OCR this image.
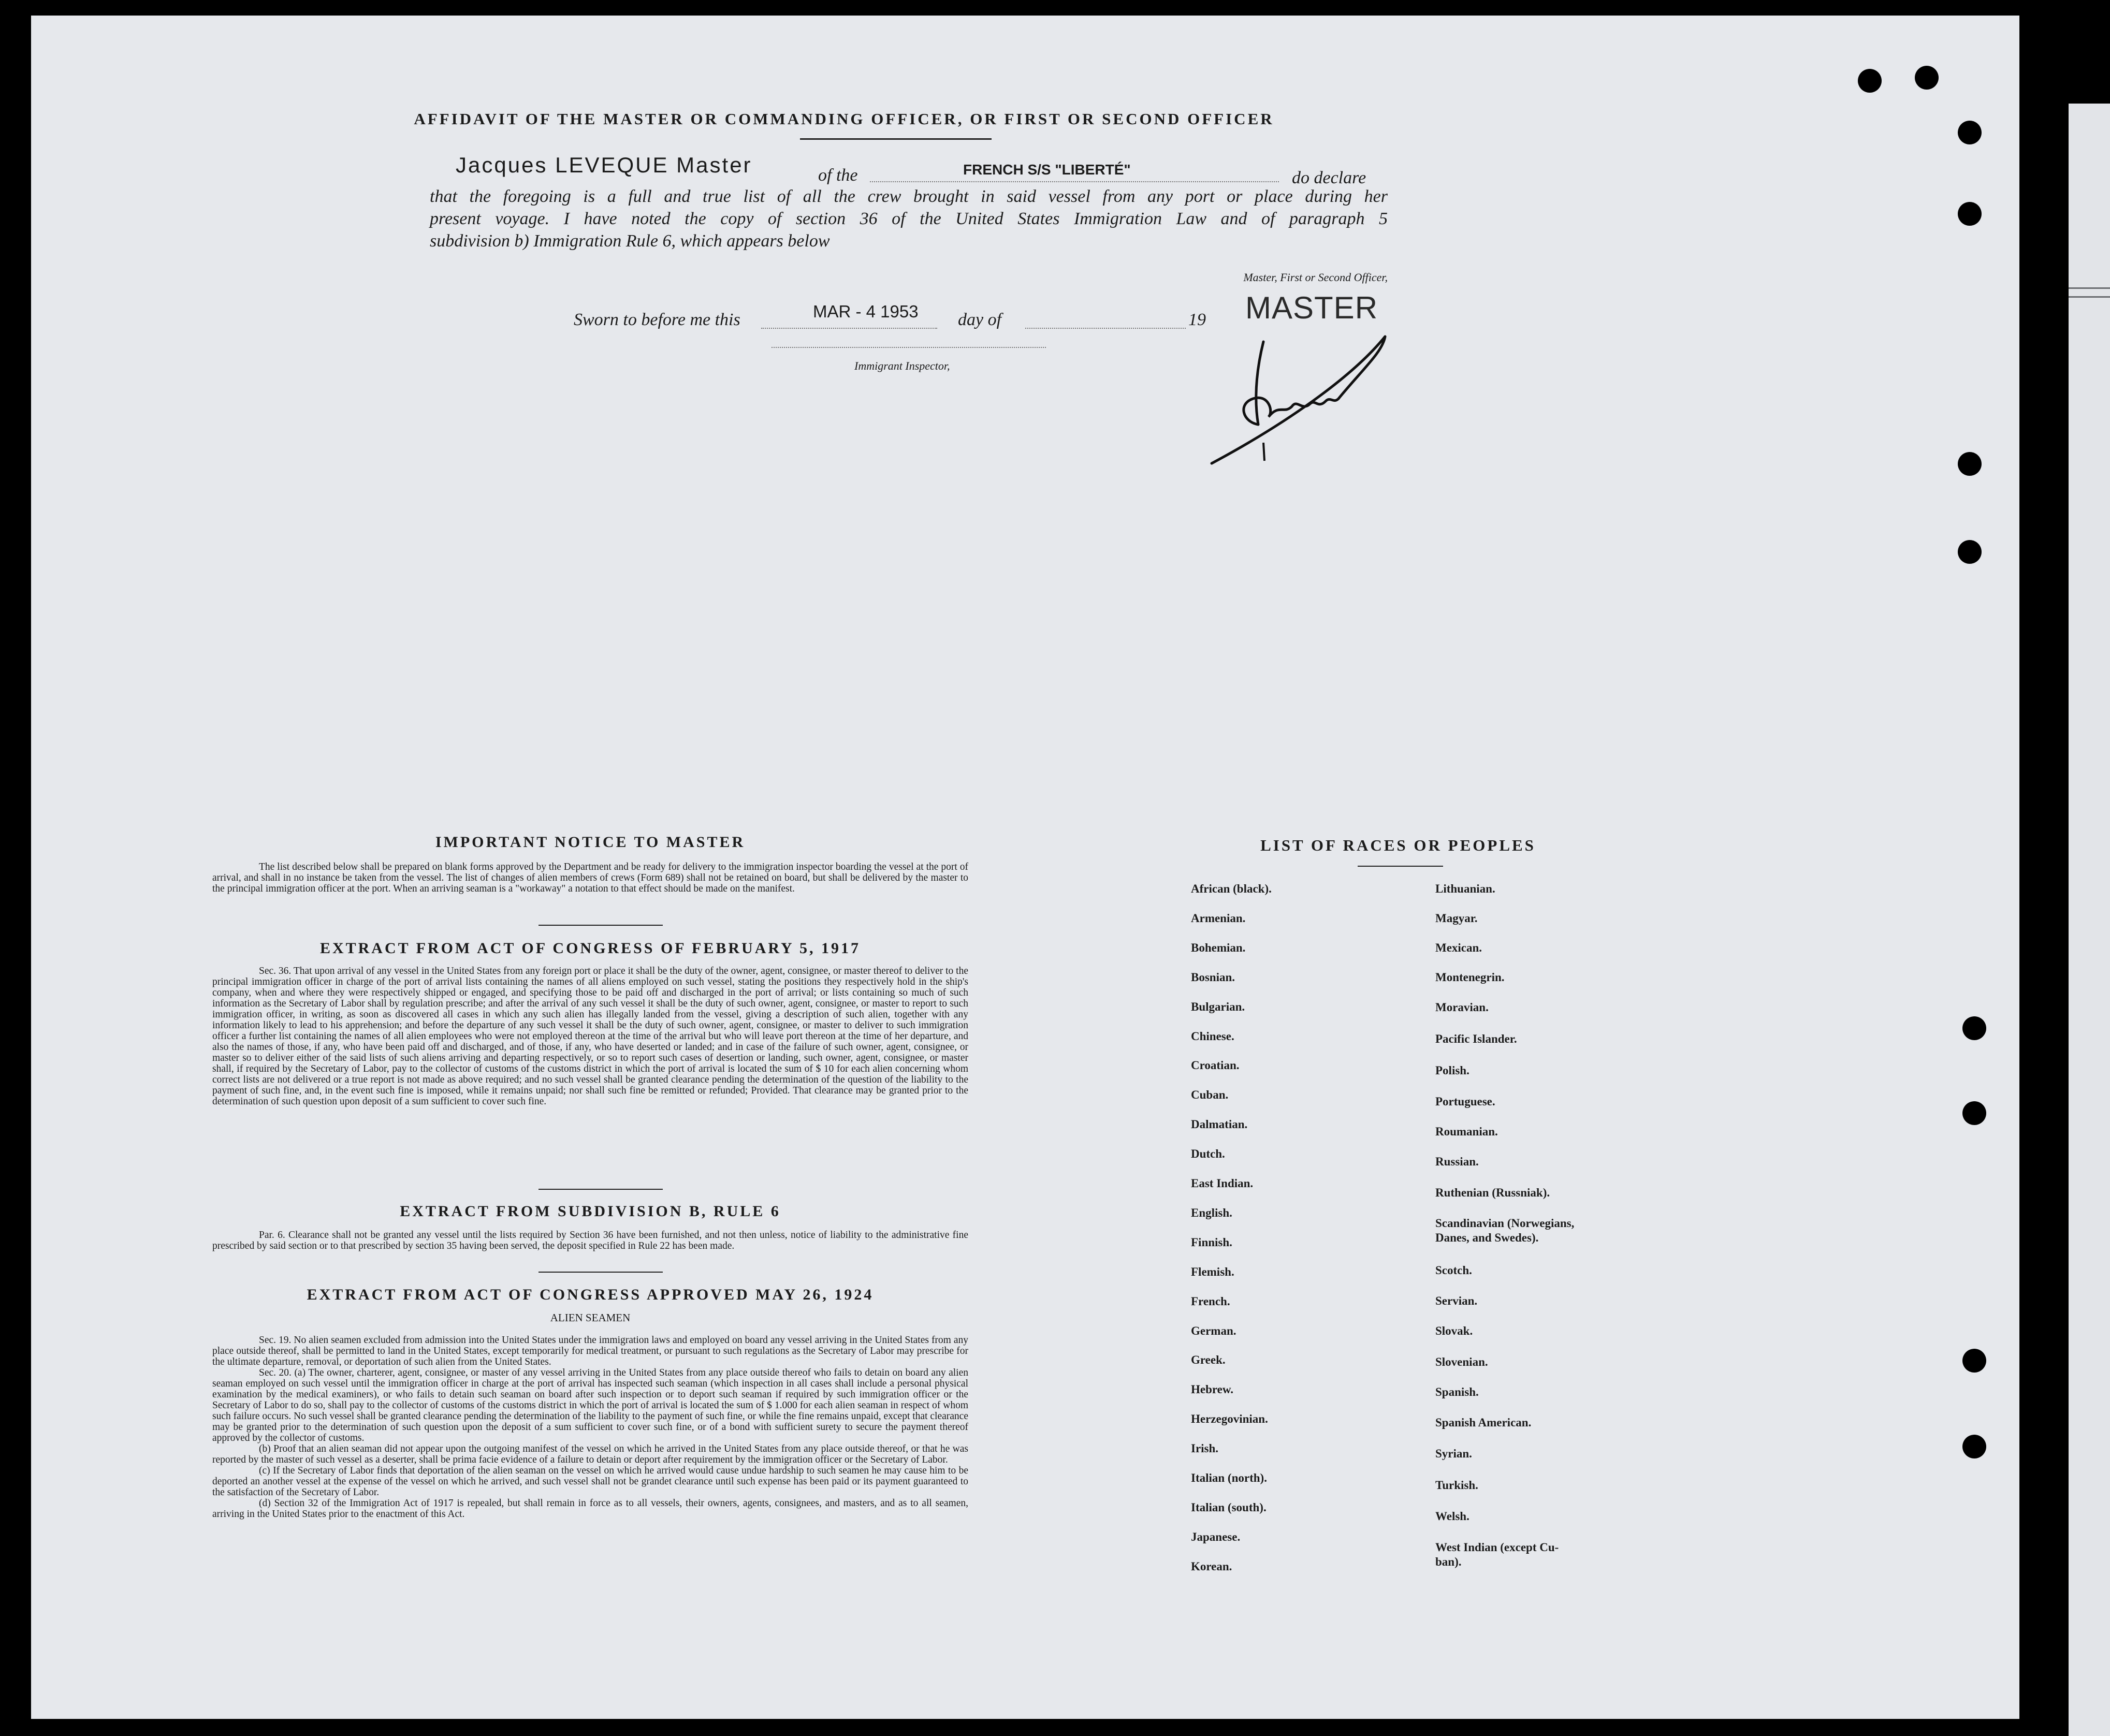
AFFIDAVIT OF THE MASTER OR COMMANDING OFFICER, OR FIRST OR SECOND OFFICER
Jacques LEVEQUE Master	of the	FRENCH S/S "LIBERTÉ"	do declare
that the foregoing is a full and true list of all the crew brought in said vessel from any port or place during her
present voyage. I have noted the copy of section 36 of the United States Immigration Law and of paragraph 5
subdivision b) Immigration Rule 6, which appears below
Master, First or Second Officer,
Sworn to before me this	MAR - 4 1953 day of	19 MASTER
Immigrant Inspector,
IMPORTANT NOTICE TO MASTER

The list described below shall be prepared on blank forms approved by the Department and be ready for delivery to the immigration inspector boarding the vessel at the port of arrival, and shall in no instance be taken from the vessel. The list of changes of alien members of crews (Form 689) shall not be retained on board, but shall be delivered by the master to the principal immigration officer at the port. When an arriving seaman is a "workaway" a notation to that effect should be made on the manifest.

EXTRACT FROM ACT OF CONGRESS OF FEBRUARY 5, 1917

Sec. 36. That upon arrival of any vessel in the United States from any foreign port or place it shall be the duty of the owner, agent, consignee, or master thereof to deliver to the principal immigration officer in charge of the port of arrival lists containing the names of all aliens employed on such vessel, stating the positions they respectively hold in the ship's company, when and where they were respectively shipped or engaged, and specifying those to be paid off and discharged in the port of arrival; or lists containing so much of such information as the Secretary of Labor shall by regulation prescribe; and after the arrival of any such vessel it shall be the duty of such owner, agent, consignee, or master to report to such immigration officer, in writing, as soon as discovered all cases in which any such alien has illegally landed from the vessel, giving a description of such alien, together with any information likely to lead to his apprehension; and before the departure of any such vessel it shall be the duty of such owner, agent, consignee, or master to deliver to such immigration officer a further list containing the names of all alien employees who were not employed thereon at the time of the arrival but who will leave port thereon at the time of her departure, and also the names of those, if any, who have been paid off and discharged, and of those, if any, who have deserted or landed; and in case of the failure of such owner, agent, consignee, or master so to deliver either of the said lists of such aliens arriving and departing respectively, or so to report such cases of desertion or landing, such owner, agent, consignee, or master shall, if required by the Secretary of Labor, pay to the collector of customs of the customs district in which the port of arrival is located the sum of $ 10 for each alien concerning whom correct lists are not delivered or a true report is not made as above required; and no such vessel shall be granted clearance pending the determination of the question of the liability to the payment of such fine, and, in the event such fine is imposed, while it remains unpaid; nor shall such fine be remitted or refunded; Provided. That clearance may be granted prior to the determination of such question upon deposit of a sum sufficient to cover such fine.

EXTRACT FROM SUBDIVISION B, RULE 6

Par. 6. Clearance shall not be granted any vessel until the lists required by Section 36 have been furnished, and not then unless, notice of liability to the administrative fine prescribed by said section or to that prescribed by section 35 having been served, the deposit specified in Rule 22 has been made.

EXTRACT FROM ACT OF CONGRESS APPROVED MAY 26, 1924
ALIEN SEAMEN

Sec. 19. No alien seamen excluded from admission into the United States under the immigration laws and employed on board any vessel arriving in the United States from any place outside thereof, shall be permitted to land in the United States, except temporarily for medical treatment, or pursuant to such regulations as the Secretary of Labor may prescribe for the ultimate departure, removal, or deportation of such alien from the United States.

Sec. 20. (a) The owner, charterer, agent, consignee, or master of any vessel arriving in the United States from any place outside thereof who fails to detain on board any alien seaman employed on such vessel until the immigration officer in charge at the port of arrival has inspected such seaman (which inspection in all cases shall include a personal physical examination by the medical examiners), or who fails to detain such seaman on board after such inspection or to deport such seaman if required by such immigration officer or the Secretary of Labor to do so, shall pay to the collector of customs of the customs district in which the port of arrival is located the sum of $ 1.000 for each alien seaman in respect of whom such failure occurs. No such vessel shall be granted clearance pending the determination of the liability to the payment of such fine, or while the fine remains unpaid, except that clearance may be granted prior to the determination of such question upon the deposit of a sum sufficient to cover such fine, or of a bond with sufficient surety to secure the payment thereof approved by the collector of customs.

(b) Proof that an alien seaman did not appear upon the outgoing manifest of the vessel on which he arrived in the United States from any place outside thereof, or that he was reported by the master of such vessel as a deserter, shall be prima facie evidence of a failure to detain or deport after requirement by the immigration officer or the Secretary of Labor.

(c) If the Secretary of Labor finds that deportation of the alien seaman on the vessel on which he arrived would cause undue hardship to such seamen he may cause him to be deported an another vessel at the expense of the vessel on which he arrived, and such vessel shall not be grandet clearance until such expense has been paid or its payment guaranteed to the satisfaction of the Secretary of Labor.

(d) Section 32 of the Immigration Act of 1917 is repealed, but shall remain in force as to all vessels, their owners, agents, consignees, and masters, and as to all seamen, arriving in the United States prior to the enactment of this Act.

LIST OF RACES OR PEOPLES
African (black).
Armenian.
Bohemian.
Bosnian.
Bulgarian.
Chinese.
Croatian.
Cuban.
Dalmatian.
Dutch.
East Indian.
English.
Finnish.
Flemish.
French.
German.
Greek.
Hebrew.
Herzegovinian.
Irish.
Italian (north).
Italian (south).
Japanese.
Korean.
Lithuanian.
Magyar.
Mexican.
Montenegrin.
Moravian.
Pacific Islander.
Polish.
Portuguese.
Roumanian.
Russian.
Ruthenian (Russniak).
Scandinavian (Norwegians,
Danes, and Swedes).
Scotch.
Servian.
Slovak.
Slovenian.
Spanish.
Spanish American.
Syrian.
Turkish.
Welsh.
West Indian (except Cu-
ban).
